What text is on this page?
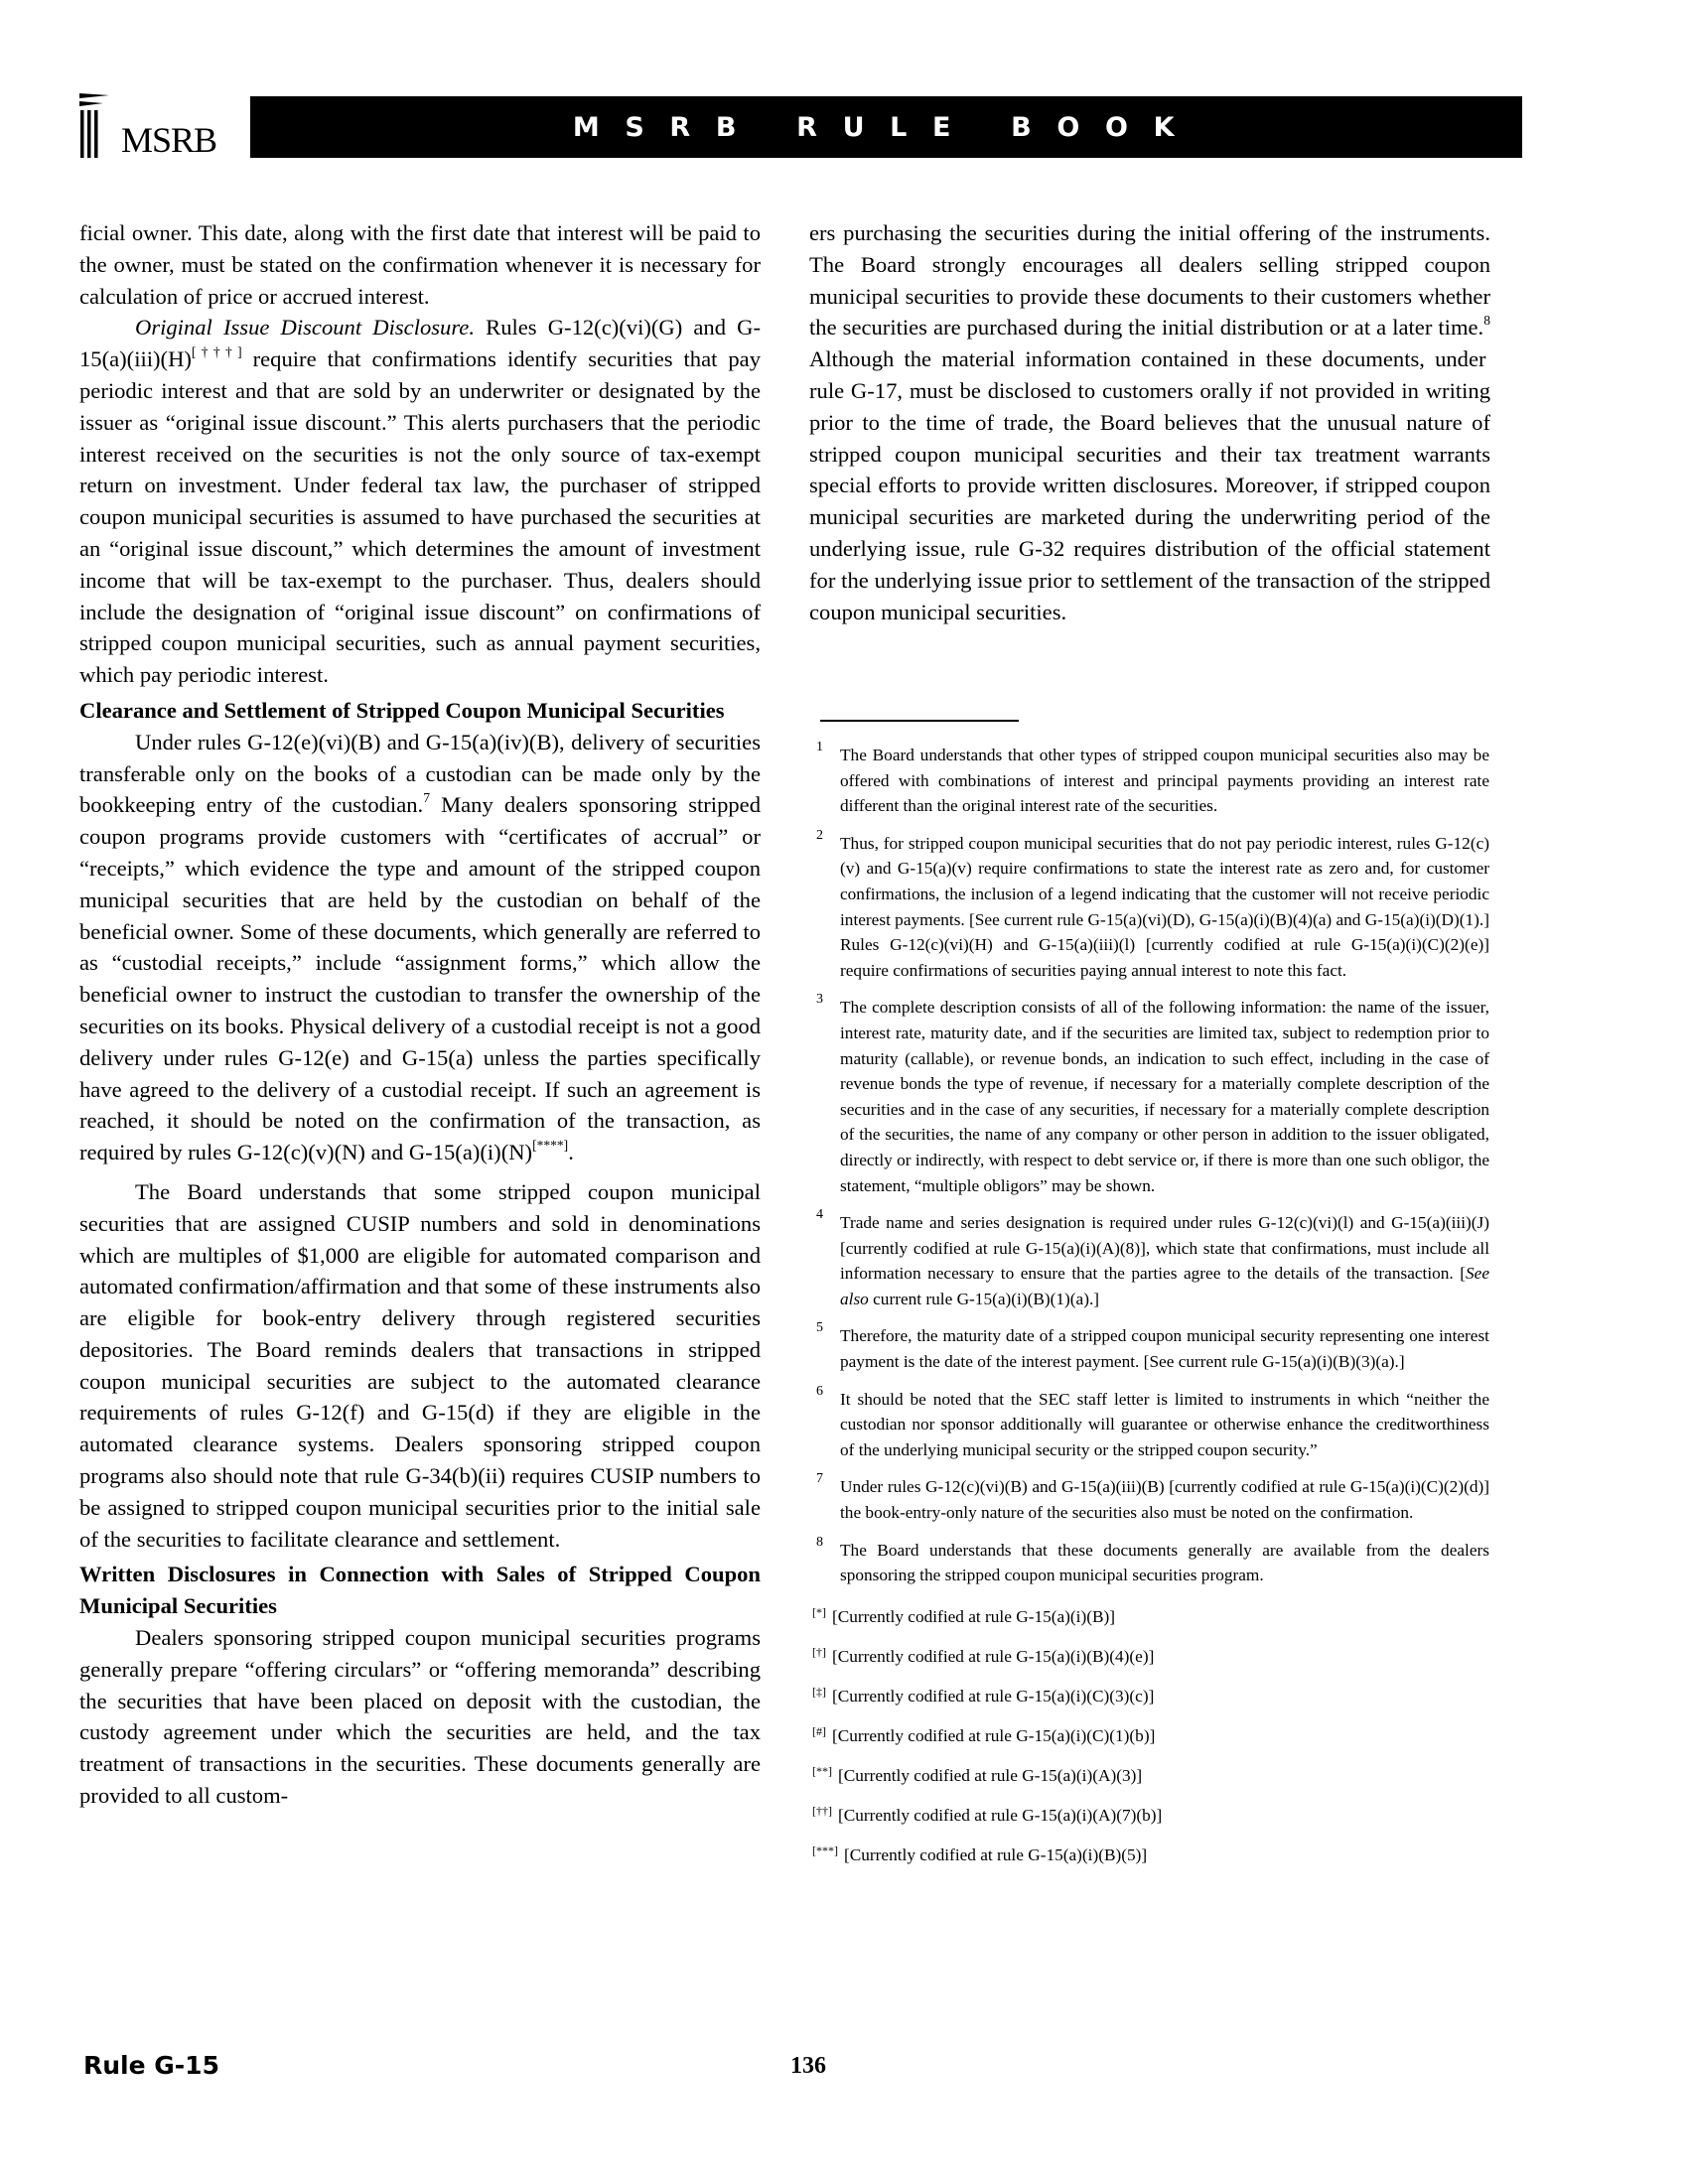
MSRB	MSRB RULE BOOK

ficial owner. This date, along with the first date that interest will be paid to the owner, must be stated on the confirmation whenever it is necessary for calculation of price or accrued interest.

Original Issue Discount Disclosure. Rules G-12(c)(vi)(G) and G-15(a)(iii)(H)[†††] require that confirmations identify securities that pay periodic interest and that are sold by an underwriter or designated by the issuer as “original issue discount.” This alerts purchasers that the periodic interest received on the securities is not the only source of tax-exempt return on investment. Under federal tax law, the purchaser of stripped coupon municipal securities is assumed to have purchased the securities at an “original issue discount,” which determines the amount of investment income that will be tax-exempt to the purchaser. Thus, dealers should include the designation of “original issue discount” on confirmations of stripped coupon municipal securities, such as annual payment securities, which pay periodic interest.

Clearance and Settlement of Stripped Coupon Municipal Securities

Under rules G-12(e)(vi)(B) and G-15(a)(iv)(B), delivery of securities transferable only on the books of a custodian can be made only by the bookkeeping entry of the custodian.$^7$ Many dealers sponsoring stripped coupon programs provide customers with “certificates of accrual” or “receipts,” which evidence the type and amount of the stripped coupon municipal securities that are held by the custodian on behalf of the beneficial owner. Some of these documents, which generally are referred to as “custodial receipts,” include “assignment forms,” which allow the beneficial owner to instruct the custodian to transfer the ownership of the securities on its books. Physical delivery of a custodial receipt is not a good delivery under rules G-12(e) and G-15(a) unless the parties specifically have agreed to the delivery of a custodial receipt. If such an agreement is reached, it should be noted on the confirmation of the transaction, as required by rules G-12(c)(v)(N) and G-15(a)(i)(N)[****].

The Board understands that some stripped coupon municipal securities that are assigned CUSIP numbers and sold in denominations which are multiples of $1,000 are eligible for automated comparison and automated confirmation/affirmation and that some of these instruments also are eligible for book-entry delivery through registered securities depositories. The Board reminds dealers that transactions in stripped coupon municipal securities are subject to the automated clearance requirements of rules G-12(f) and G-15(d) if they are eligible in the automated clearance systems. Dealers sponsoring stripped coupon programs also should note that rule G-34(b)(ii) requires CUSIP numbers to be assigned to stripped coupon municipal securities prior to the initial sale of the securities to facilitate clearance and settlement.

Written Disclosures in Connection with Sales of Stripped Coupon Municipal Securities

Dealers sponsoring stripped coupon municipal securities programs generally prepare “offering circulars” or “offering memoranda” describing the securities that have been placed on deposit with the custodian, the custody agreement under which the securities are held, and the tax treatment of transactions in the securities. These documents generally are provided to all custom-

ers purchasing the securities during the initial offering of the instruments. The Board strongly encourages all dealers selling stripped coupon municipal securities to provide these documents to their customers whether the securities are purchased during the initial distribution or at a later time.$^8$ Although the material information contained in these documents, under rule G-17, must be disclosed to customers orally if not provided in writing prior to the time of trade, the Board believes that the unusual nature of stripped coupon municipal securities and their tax treatment warrants special efforts to provide written disclosures. Moreover, if stripped coupon municipal securities are marketed during the underwriting period of the underlying issue, rule G-32 requires distribution of the official statement for the underlying issue prior to settlement of the transaction of the stripped coupon municipal securities.

1 The Board understands that other types of stripped coupon municipal securities also may be offered with combinations of interest and principal payments providing an interest rate different than the original interest rate of the securities.
2 Thus, for stripped coupon municipal securities that do not pay periodic interest, rules G-12(c)(v) and G-15(a)(v) require confirmations to state the interest rate as zero and, for customer confirmations, the inclusion of a legend indicating that the customer will not receive periodic interest payments. [See current rule G-15(a)(vi)(D), G-15(a)(i)(B)(4)(a) and G-15(a)(i)(D)(1).] Rules G-12(c)(vi)(H) and G-15(a)(iii)(l) [currently codified at rule G-15(a)(i)(C)(2)(e)] require confirmations of securities paying annual interest to note this fact.
3 The complete description consists of all of the following information: the name of the issuer, interest rate, maturity date, and if the securities are limited tax, subject to redemption prior to maturity (callable), or revenue bonds, an indication to such effect, including in the case of revenue bonds the type of revenue, if necessary for a materially complete description of the securities and in the case of any securities, if necessary for a materially complete description of the securities, the name of any company or other person in addition to the issuer obligated, directly or indirectly, with respect to debt service or, if there is more than one such obligor, the statement, “multiple obligors” may be shown.
4 Trade name and series designation is required under rules G-12(c)(vi)(l) and G-15(a)(iii)(J) [currently codified at rule G-15(a)(i)(A)(8)], which state that confirmations, must include all information necessary to ensure that the parties agree to the details of the transaction. [See also current rule G-15(a)(i)(B)(1)(a).]
5 Therefore, the maturity date of a stripped coupon municipal security representing one interest payment is the date of the interest payment. [See current rule G-15(a)(i)(B)(3)(a).]
6 It should be noted that the SEC staff letter is limited to instruments in which “neither the custodian nor sponsor additionally will guarantee or otherwise enhance the creditworthiness of the underlying municipal security or the stripped coupon security.”
7 Under rules G-12(c)(vi)(B) and G-15(a)(iii)(B) [currently codified at rule G-15(a)(i)(C)(2)(d)] the book-entry-only nature of the securities also must be noted on the confirmation.
8 The Board understands that these documents generally are available from the dealers sponsoring the stripped coupon municipal securities program.
[*] [Currently codified at rule G-15(a)(i)(B)]
[†] [Currently codified at rule G-15(a)(i)(B)(4)(e)]
[‡] [Currently codified at rule G-15(a)(i)(C)(3)(c)]
[#] [Currently codified at rule G-15(a)(i)(C)(1)(b)]
[**] [Currently codified at rule G-15(a)(i)(A)(3)]
[††] [Currently codified at rule G-15(a)(i)(A)(7)(b)]
[***] [Currently codified at rule G-15(a)(i)(B)(5)]
Rule G-15	136
